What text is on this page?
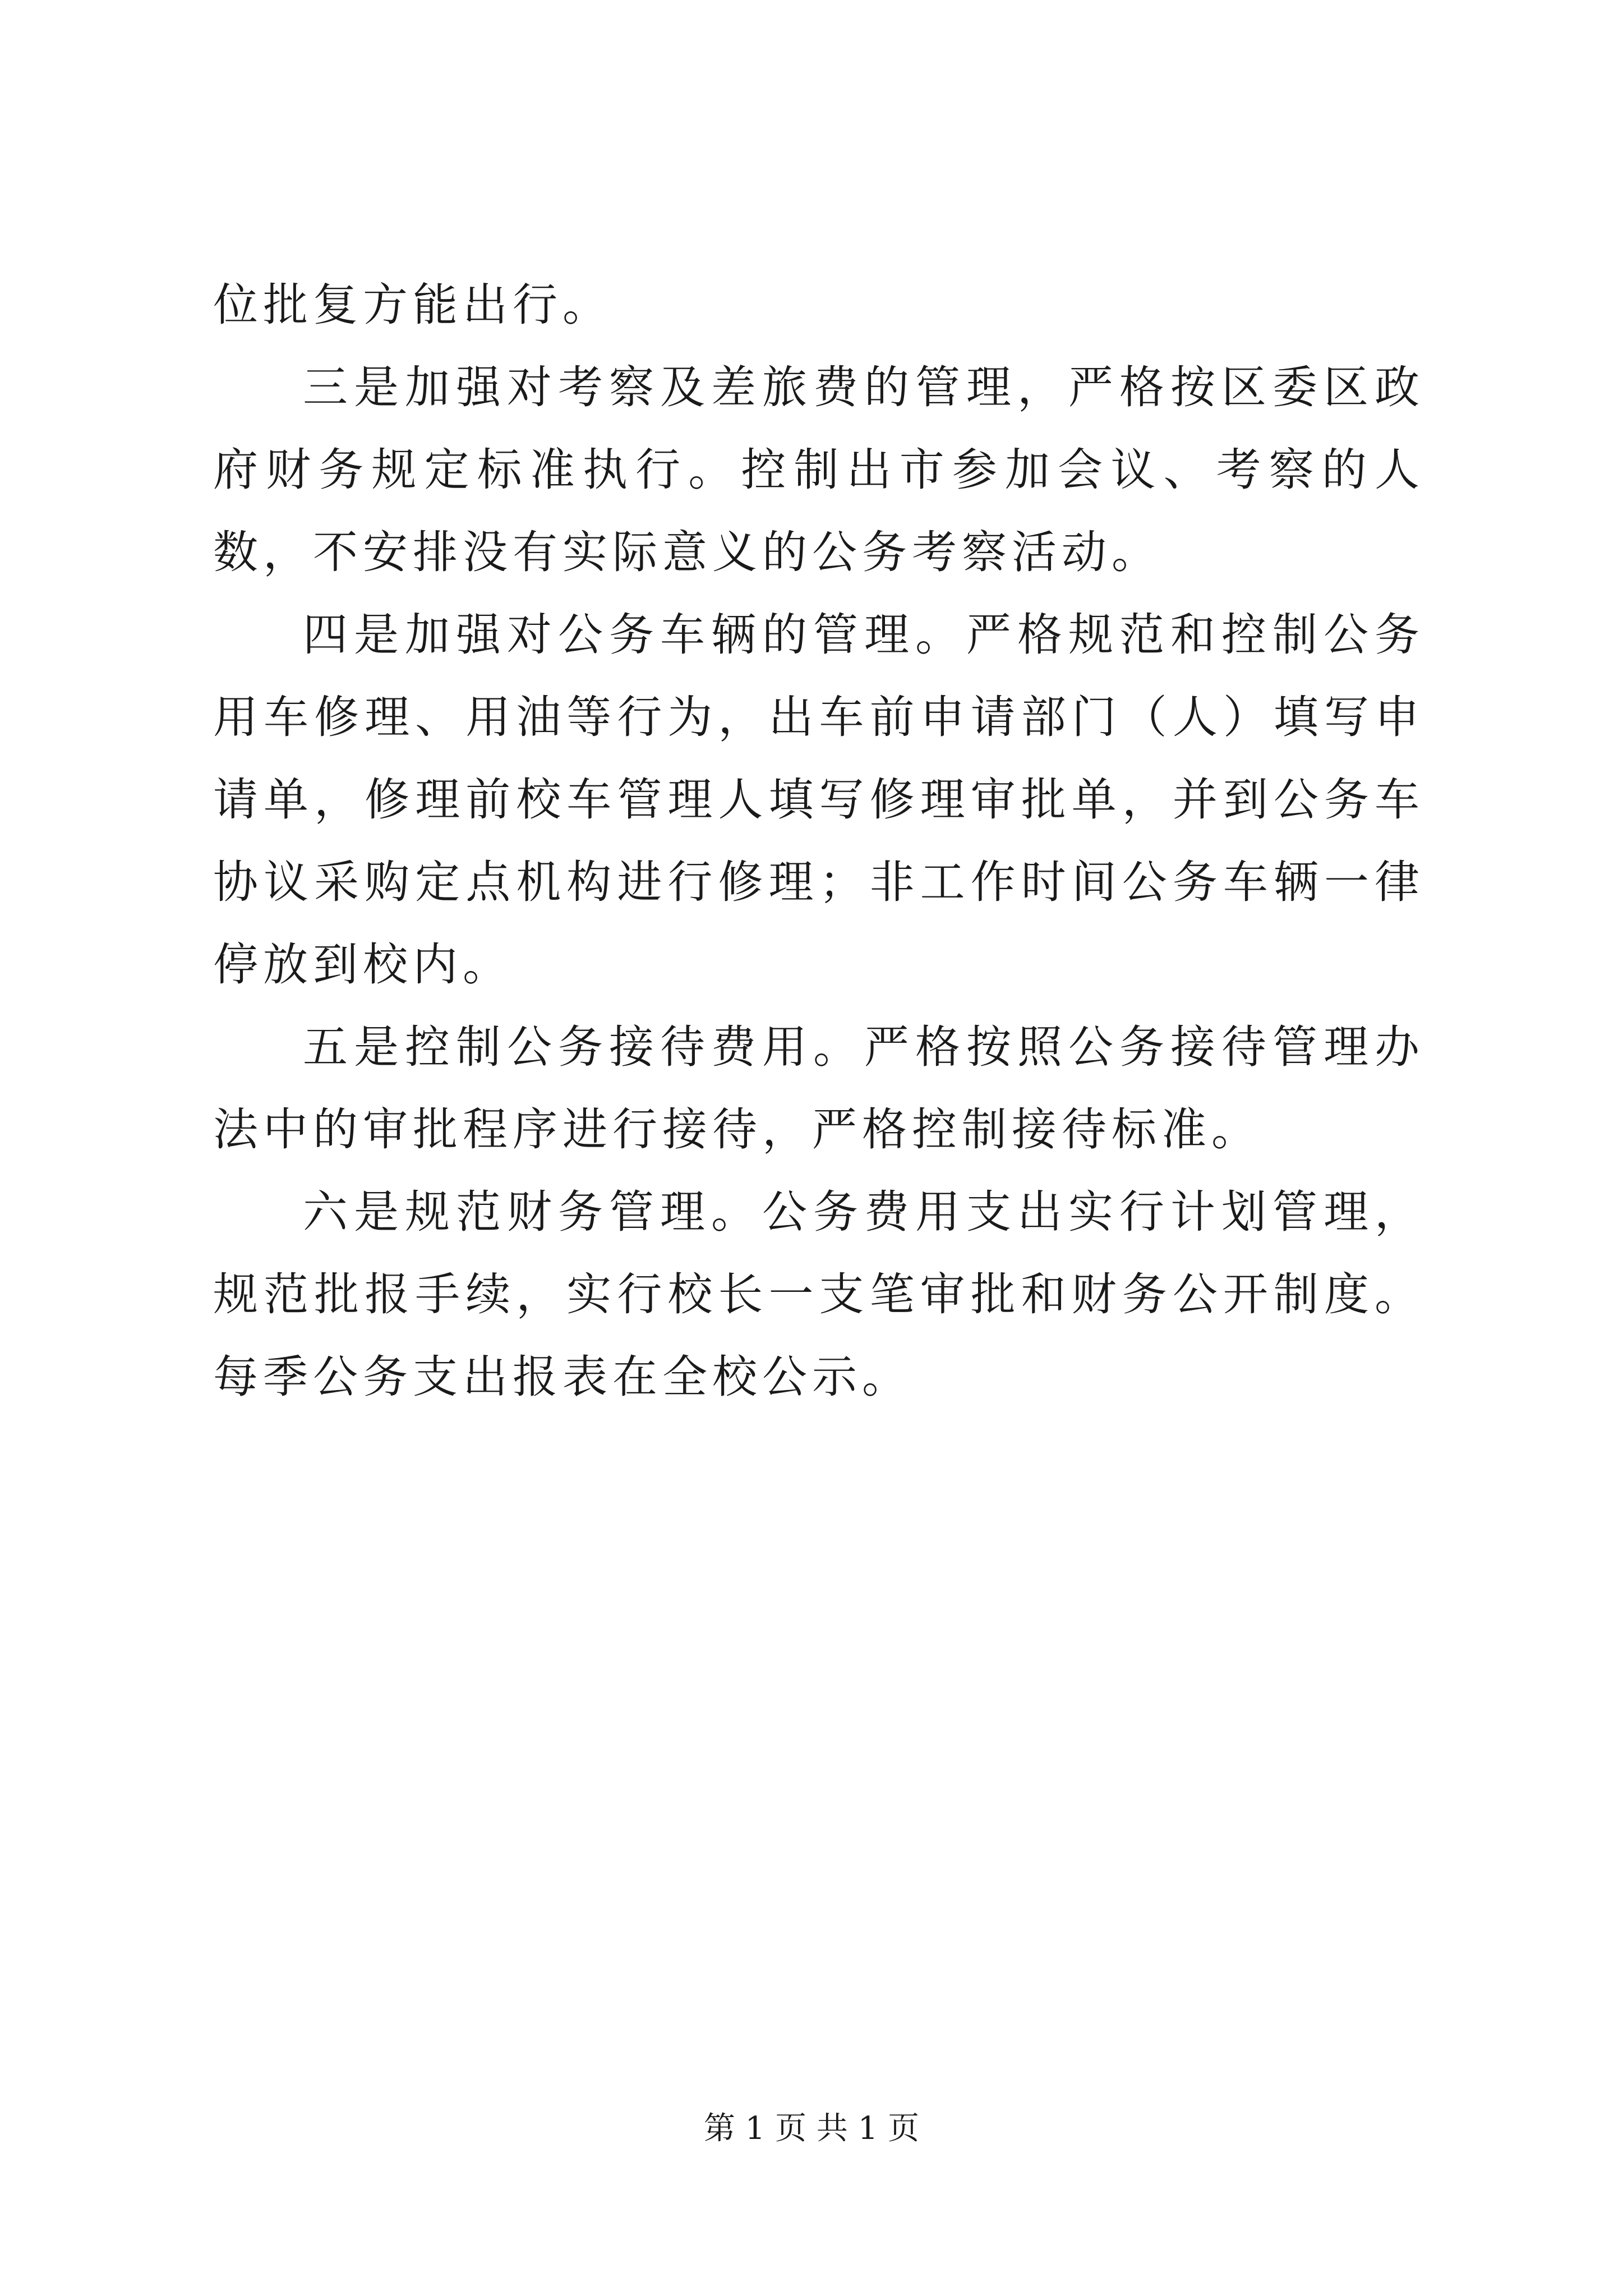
位批复方能出行。

三是加强对考察及差旅费的管理，严格按区委区政府财务规定标准执行。控制出市参加会议、考察的人数，不安排没有实际意义的公务考察活动。

四是加强对公务车辆的管理。严格规范和控制公务用车修理、用油等行为，出车前申请部门（人）填写申请单，修理前校车管理人填写修理审批单，并到公务车协议采购定点机构进行修理；非工作时间公务车辆一律停放到校内。

五是控制公务接待费用。严格按照公务接待管理办法中的审批程序进行接待，严格控制接待标准。

六是规范财务管理。公务费用支出实行计划管理，规范批报手续，实行校长一支笔审批和财务公开制度。每季公务支出报表在全校公示。

第 1 页 共 1 页
